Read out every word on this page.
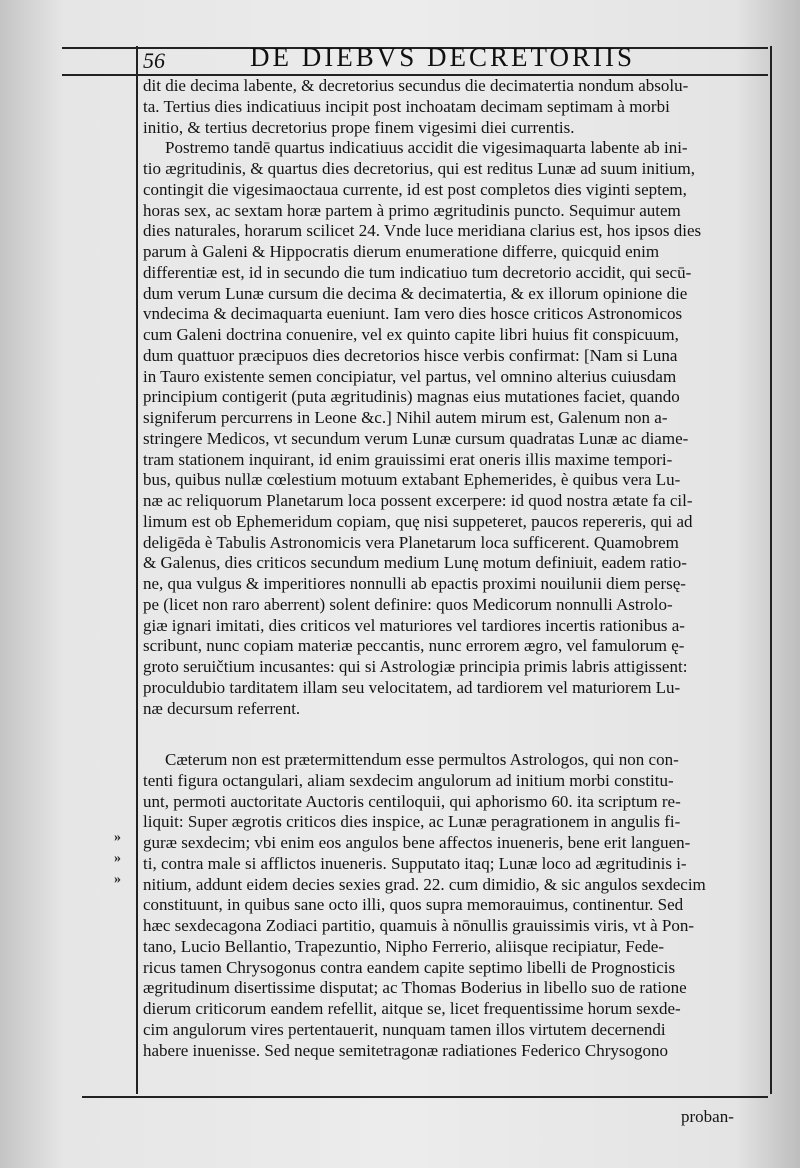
56	DE DIEBVS DECRETORIIS

dit die decima labente, & decretorius secundus die decimatertia nondum absolu-
ta. Tertius dies indicatiuus incipit post inchoatam decimam septimam à morbi
initio, & tertius decretorius prope finem vigesimi diei currentis.

Postremo tandē quartus indicatiuus accidit die vigesimaquarta labente ab ini-
tio ægritudinis, & quartus dies decretorius, qui est reditus Lunæ ad suum initium,
contingit die vigesimaoctaua currente, id est post completos dies viginti septem,
horas sex, ac sextam horæ partem à primo ægritudinis puncto. Sequimur autem
dies naturales, horarum scilicet 24. Vnde luce meridiana clarius est, hos ipsos dies
parum à Galeni & Hippocratis dierum enumeratione differre, quicquid enim
differentiæ est, id in secundo die tum indicatiuo tum decretorio accidit, qui secū-
dum verum Lunæ cursum die decima & decimatertia, & ex illorum opinione die
vndecima & decimaquarta eueniunt. Iam vero dies hosce criticos Astronomicos
cum Galeni doctrina conuenire, vel ex quinto capite libri huius fit conspicuum,
dum quattuor præcipuos dies decretorios hisce verbis confirmat: [Nam si Luna
in Tauro existente semen concipiatur, vel partus, vel omnino alterius cuiusdam
principium contigerit (puta ægritudinis) magnas eius mutationes faciet, quando
signiferum percurrens in Leone &c.] Nihil autem mirum est, Galenum non a-
stringere Medicos, vt secundum verum Lunæ cursum quadratas Lunæ ac diame-
tram stationem inquirant, id enim grauissimi erat oneris illis maxime tempori-
bus, quibus nullæ cœlestium motuum extabant Ephemerides, è quibus vera Lu-
næ ac reliquorum Planetarum loca possent excerpere: id quod nostra ætate fa cil-
limum est ob Ephemeridum copiam, quę nisi suppeteret, paucos repereris, qui ad
deligēda è Tabulis Astronomicis vera Planetarum loca sufficerent. Quamobrem
& Galenus, dies criticos secundum medium Lunę motum definiuit, eadem ratio-
ne, qua vulgus & imperitiores nonnulli ab epactis proximi nouilunii diem persę-
pe (licet non raro aberrent) solent definire: quos Medicorum nonnulli Astrolo-
giæ ignari imitati, dies criticos vel maturiores vel tardiores incertis rationibus a-
scribunt, nunc copiam materiæ peccantis, nunc errorem ægro, vel famulorum ę-
groto seruičtium incusantes: qui si Astrologiæ principia primis labris attigissent:
proculdubio tarditatem illam seu velocitatem, ad tardiorem vel maturiorem Lu-
næ decursum referrent.

Cæterum non est prætermittendum esse permultos Astrologos, qui non con-
tenti figura octangulari, aliam sexdecim angulorum ad initium morbi constitu-
unt, permoti auctoritate Auctoris centiloquii, qui aphorismo 60. ita scriptum re-
liquit: Super ægrotis criticos dies inspice, ac Lunæ peragrationem in angulis fi-
guræ sexdecim; vbi enim eos angulos bene affectos inueneris, bene erit languen-
ti, contra male si afflictos inueneris. Supputato itaq; Lunæ loco ad ægritudinis i-
nitium, addunt eidem decies sexies grad. 22. cum dimidio, & sic angulos sexdecim
constituunt, in quibus sane octo illi, quos supra memorauimus, continentur. Sed
hæc sexdecagona Zodiaci partitio, quamuis à nōnullis grauissimis viris, vt à Pon-
tano, Lucio Bellantio, Trapezuntio, Nipho Ferrerio, aliisque recipiatur, Fede-
ricus tamen Chrysogonus contra eandem capite septimo libelli de Prognosticis
ægritudinum disertissime disputat; ac Thomas Boderius in libello suo de ratione
dierum criticorum eandem refellit, aitque se, licet frequentissime horum sexde-
cim angulorum vires pertentauerit, nunquam tamen illos virtutem decernendi
habere inuenisse. Sed neque semitetragonæ radiationes Federico Chrysogono

»
»
»
proban-
